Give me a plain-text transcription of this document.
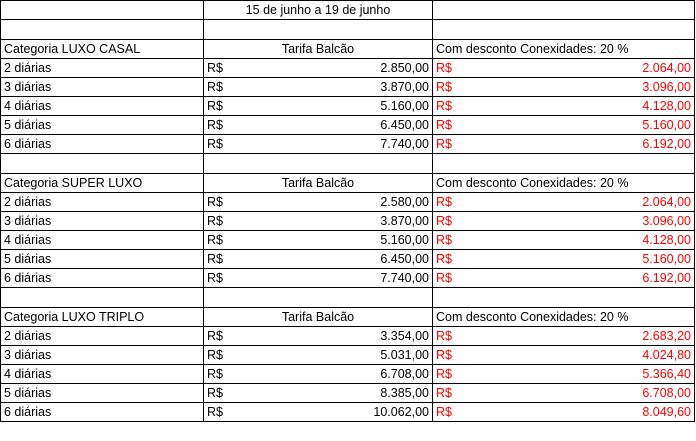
	15 de junho a 19 de junho	

Categoria LUXO CASAL	Tarifa Balcão	Com desconto Conexidades: 20 %
2 diárias	R$ 2.850,00	R$ 2.064,00

3 diárias	R$ 3.870,00	R$ 3.096,00

4 diárias	R$ 5.160,00	R$ 4.128,00

5 diárias	R$ 6.450,00	R$ 5.160,00

6 diárias	R$ 7.740,00	R$ 6.192,00

Categoria SUPER LUXO	Tarifa Balcão	Com desconto Conexidades: 20 %
2 diárias	R$ 2.580,00	R$ 2.064,00

3 diárias	R$ 3.870,00	R$ 3.096,00

4 diárias	R$ 5.160,00	R$ 4.128,00

5 diárias	R$ 6.450,00	R$ 5.160,00

6 diárias	R$ 7.740,00	R$ 6.192,00

Categoria LUXO TRIPLO	Tarifa Balcão	Com desconto Conexidades: 20 %
2 diárias	R$ 3.354,00	R$ 2.683,20

3 diárias	R$ 5.031,00	R$ 4.024,80

4 diárias	R$ 6.708,00	R$ 5.366,40

5 diárias	R$ 8.385,00	R$ 6.708,00

6 diárias	R$ 10.062,00	R$ 8.049,60
